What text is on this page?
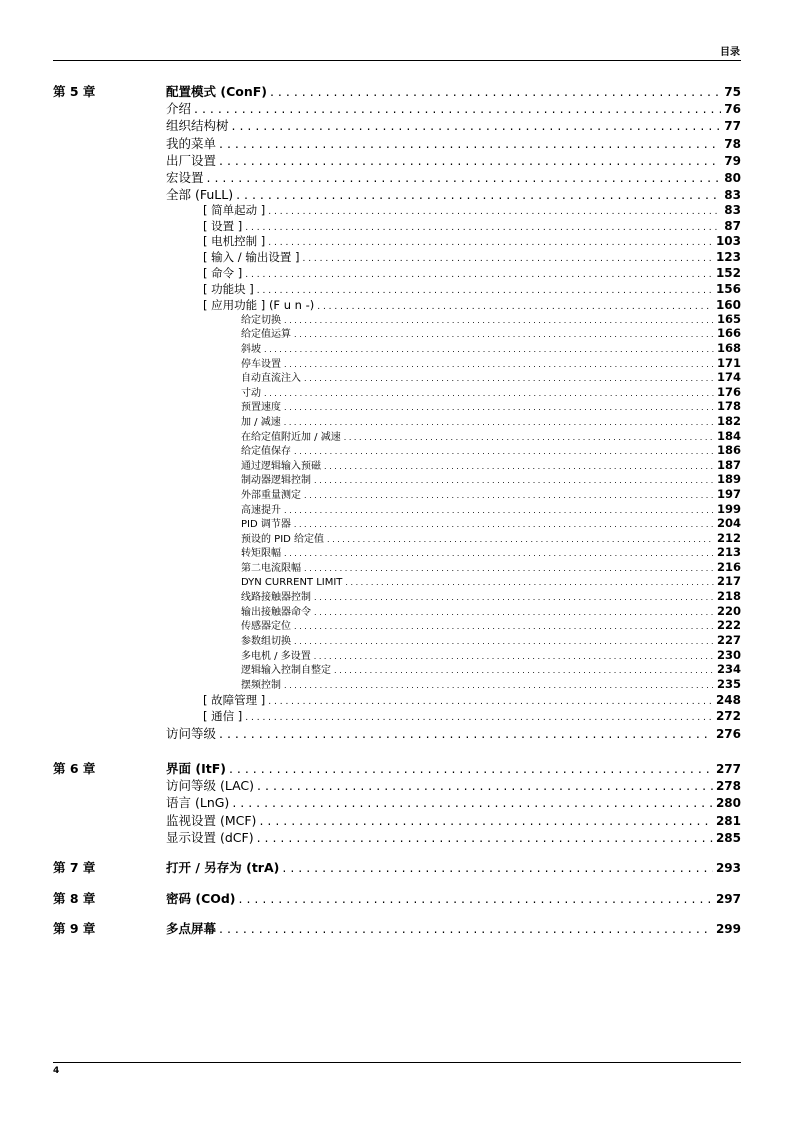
目录
第 5 章	配置模式 (ConF) . . .	75
介绍 . . .	76
组织结构树 . . .	77
我的菜单 . . .	78
出厂设置 . . .	79
宏设置 . . .	80
全部 (FuLL) . . .	83
[ 简单起动 ] . . .	83
[ 设置 ] . . .	87
[ 电机控制 ] . . .	103
[ 输入 / 输出设置 ] . . .	123
[ 命令 ] . . .	152
[ 功能块 ] . . .	156
[ 应用功能 ] (F u n -) . . .	160
给定切换 . . .	165
给定值运算 . . .	166
斜坡 . . .	168
停车设置 . . .	171
自动直流注入 . . .	174
寸动 . . .	176
预置速度 . . .	178
加 / 减速 . . .	182
在给定值附近加 / 减速 . . .	184
给定值保存 . . .	186
通过逻辑输入预磁 . . .	187
制动器逻辑控制 . . .	189
外部重量测定 . . .	197
高速提升 . . .	199
PID 调节器 . . .	204
预设的 PID 给定值 . . .	212
转矩限幅 . . .	213
第二电流限幅 . . .	216
DYN CURRENT LIMIT . . .	217
线路接触器控制 . . .	218
输出接触器命令 . . .	220
传感器定位 . . .	222
参数组切换 . . .	227
多电机 / 多设置 . . .	230
逻辑输入控制自整定 . . .	234
摆频控制 . . .	235
[ 故障管理 ] . . .	248
[ 通信 ] . . .	272
访问等级 . . .	276
第 6 章	界面 (ItF) . . .	277
访问等级 (LAC) . . .	278
语言 (LnG) . . .	280
监视设置 (MCF) . . .	281
显示设置 (dCF) . . .	285
第 7 章	打开 / 另存为 (trA) . . .	293
第 8 章	密码 (COd) . . .	297
第 9 章	多点屏幕 . . .	299
4
